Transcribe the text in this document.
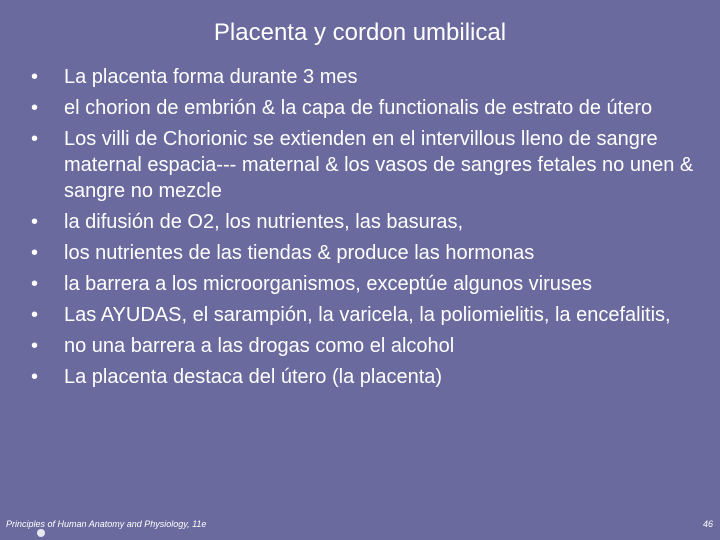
Placenta y cordon umbilical
•	La placenta forma durante 3 mes
•	el chorion de embrión & la capa de functionalis de estrato de útero
•	Los villi de Chorionic se extienden en el intervillous lleno de sangre maternal espacia--- maternal & los vasos de sangres fetales no unen & sangre no mezcle
•	la difusión de O2, los nutrientes, las basuras,
•	los nutrientes de las tiendas & produce las hormonas
•	la barrera a los microorganismos, exceptúe algunos viruses
•	Las AYUDAS, el sarampión, la varicela, la poliomielitis, la encefalitis,
•	no una barrera a las drogas como el alcohol
•	La placenta destaca del útero (la placenta)
Principles of Human Anatomy and Physiology, 11e	46
